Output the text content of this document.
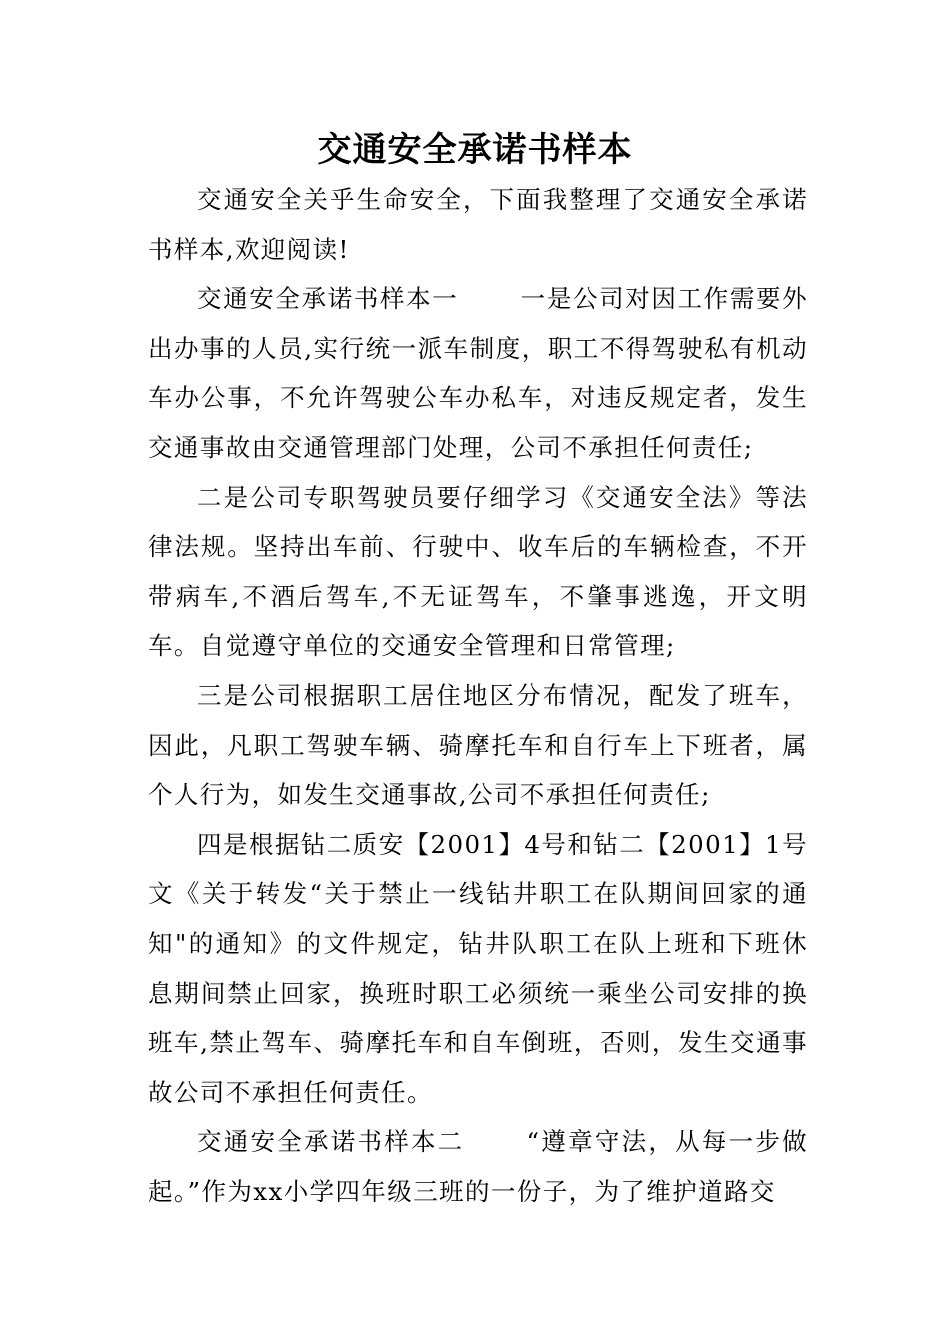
交通安全承诺书样本

交通安全关乎生命安全，下面我整理了交通安全承诺书样本,欢迎阅读!

交通安全承诺书样本一	一是公司对因工作需要外出办事的人员,实行统一派车制度，职工不得驾驶私有机动车办公事，不允许驾驶公车办私车，对违反规定者，发生交通事故由交通管理部门处理，公司不承担任何责任;

二是公司专职驾驶员要仔细学习《交通安全法》等法律法规。坚持出车前、行驶中、收车后的车辆检查，不开带病车,不酒后驾车,不无证驾车，不肇事逃逸，开文明车。自觉遵守单位的交通安全管理和日常管理;

三是公司根据职工居住地区分布情况，配发了班车，因此，凡职工驾驶车辆、骑摩托车和自行车上下班者，属个人行为，如发生交通事故,公司不承担任何责任;

四是根据钻二质安【2001】4号和钻二【2001】1号文《关于转发“关于禁止一线钻井职工在队期间回家的通知"的通知》的文件规定，钻井队职工在队上班和下班休息期间禁止回家，换班时职工必须统一乘坐公司安排的换班车,禁止驾车、骑摩托车和自车倒班，否则，发生交通事故公司不承担任何责任。

交通安全承诺书样本二	“遵章守法，从每一步做起。”作为xx小学四年级三班的一份子，为了维护道路交
